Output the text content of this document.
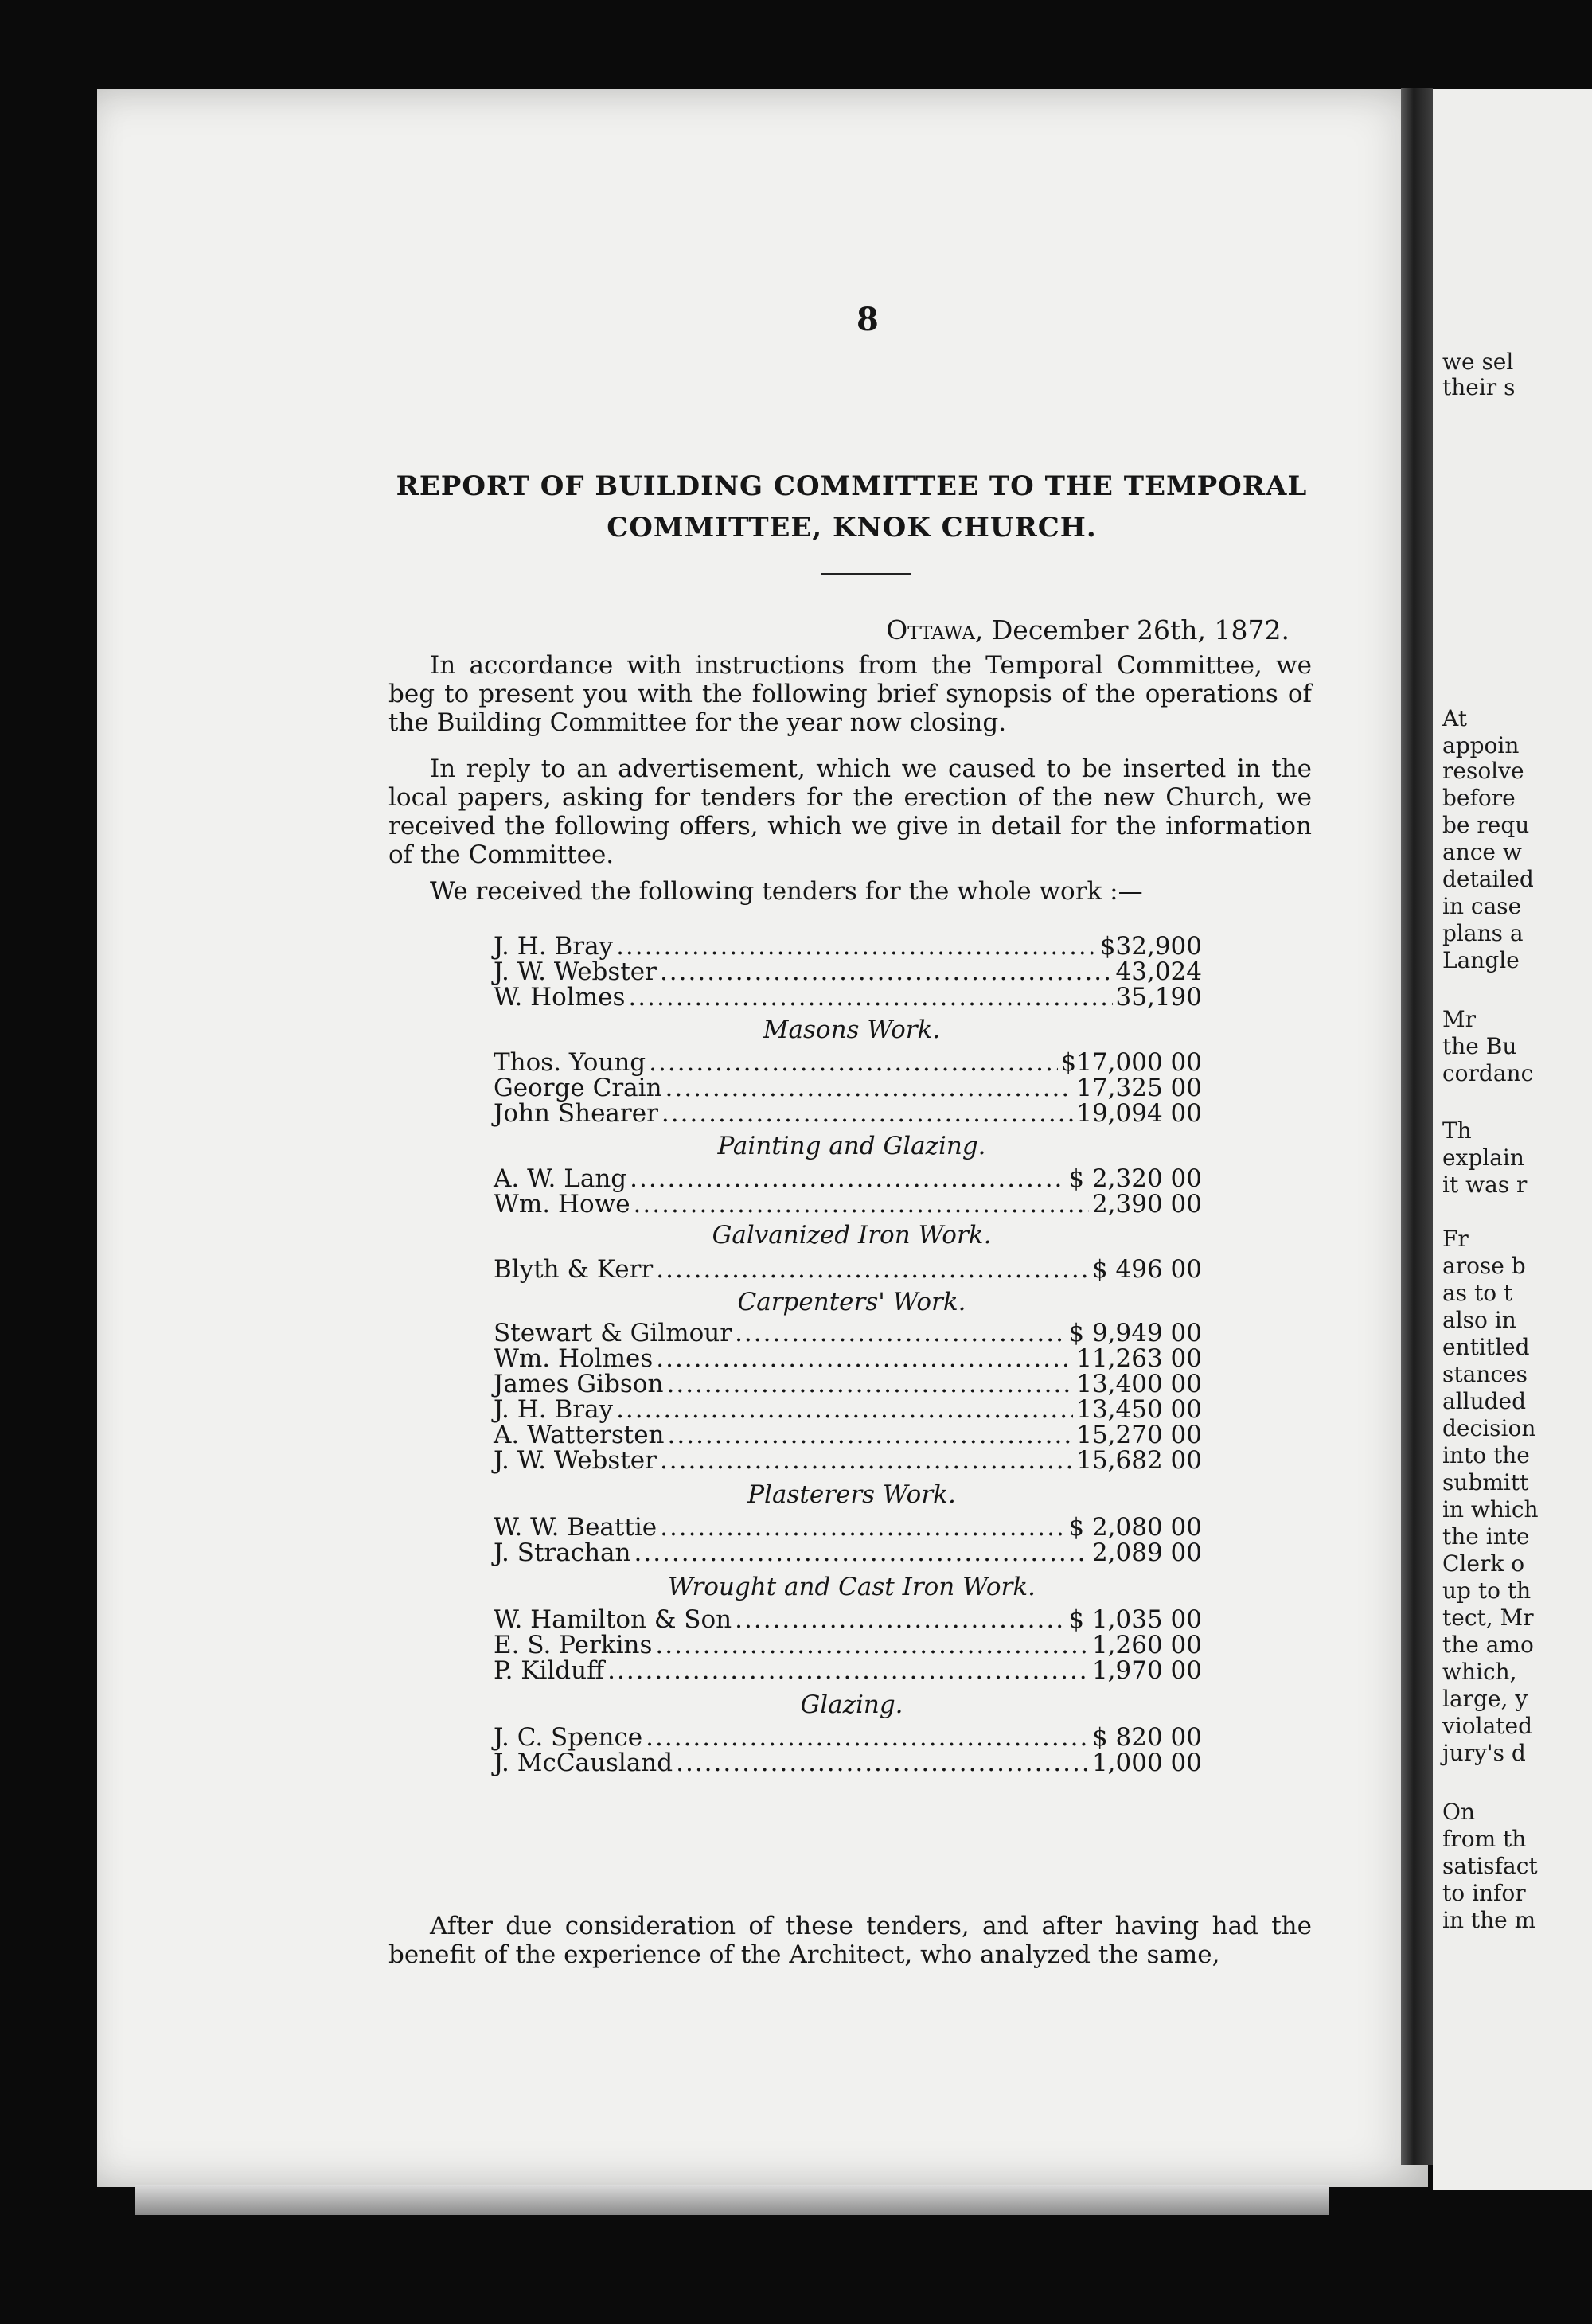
8
REPORT OF BUILDING COMMITTEE TO THE TEMPORAL
COMMITTEE, KNOK CHURCH.
Ottawa, December 26th, 1872.

In accordance with instructions from the Temporal Committee, we beg to present you with the following brief synopsis of the operations of the Building Committee for the year now closing.

In reply to an advertisement, which we caused to be inserted in the local papers, asking for tenders for the erection of the new Church, we received the following offers, which we give in detail for the information of the Committee.

We received the following tenders for the whole work :—

J. H. Bray .....	$32,900
J. W. Webster .....	43,024
W. Holmes .....	35,190
Masons Work.
Thos. Young .....	$17,000 00
George Crain .....	17,325 00
John Shearer .....	19,094 00
Painting and Glazing.
A. W. Lang .....	$ 2,320 00
Wm. Howe .....	2,390 00
Galvanized Iron Work.
Blyth & Kerr .....	$ 496 00
Carpenters' Work.
Stewart & Gilmour .....	$ 9,949 00
Wm. Holmes .....	11,263 00
James Gibson .....	13,400 00
J. H. Bray .....	13,450 00
A. Wattersten .....	15,270 00
J. W. Webster .....	15,682 00
Plasterers Work.
W. W. Beattie .....	$ 2,080 00
J. Strachan .....	2,089 00
Wrought and Cast Iron Work.
W. Hamilton & Son .....	$ 1,035 00
E. S. Perkins .....	1,260 00
P. Kilduff .....	1,970 00
Glazing.
J. C. Spence .....	$ 820 00
J. McCausland .....	1,000 00

After due consideration of these tenders, and after having had the benefit of the experience of the Architect, who analyzed the same,

we sel
their s
At
appoin
resolve
before
be requ
ance w
detailed
in case
plans a
Langle
Mr
the Bu
cordanc
Th
explain
it was r
Fr
arose b
as to t
also in
entitled
stances
alluded
decision
into the
submitt
in which
the inte
Clerk o
up to th
tect, Mr
the amo
which,
large, y
violated
jury's d
On
from th
satisfact
to infor
in the m
